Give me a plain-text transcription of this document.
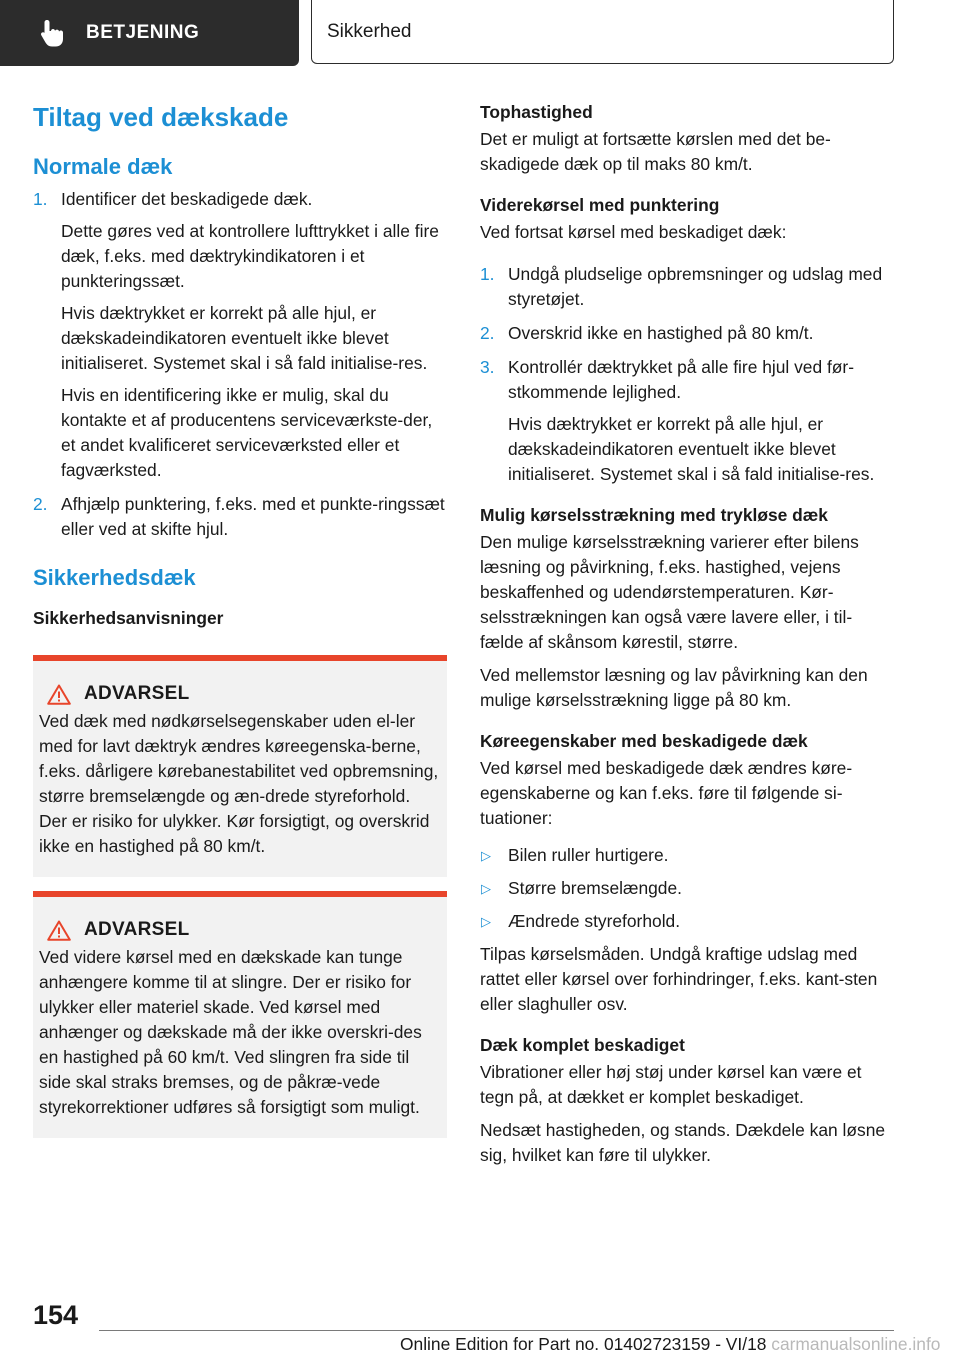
BETJENING	Sikkerhed
Tiltag ved dækskade
Normale dæk
1. Identificer det beskadigede dæk.

Dette gøres ved at kontrollere lufttrykket i alle fire dæk, f.eks. med dæktrykindikatoren i et punkteringssæt.

Hvis dæktrykket er korrekt på alle hjul, er dækskadeindikatoren eventuelt ikke blevet initialiseret. Systemet skal i så fald initialise-res.

Hvis en identificering ikke er mulig, skal du kontakte et af producentens serviceværkste-der, et andet kvalificeret serviceværksted eller et fagværksted.

2. Afhjælp punktering, f.eks. med et punkte-ringssæt eller ved at skifte hjul.

Sikkerhedsdæk
Sikkerhedsanvisninger
ADVARSEL

Ved dæk med nødkørselsegenskaber uden el-ler med for lavt dæktryk ændres køreegenska-berne, f.eks. dårligere kørebanestabilitet ved opbremsning, større bremselængde og æn-drede styreforhold. Der er risiko for ulykker. Kør forsigtigt, og overskrid ikke en hastighed på 80 km/t.

ADVARSEL

Ved videre kørsel med en dækskade kan tunge anhængere komme til at slingre. Der er risiko for ulykker eller materiel skade. Ved kørsel med anhænger og dækskade må der ikke overskri-des en hastighed på 60 km/t. Ved slingren fra side til side skal straks bremses, og de påkræ-vede styrekorrektioner udføres så forsigtigt som muligt.

Tophastighed

Det er muligt at fortsætte kørslen med det be-skadigede dæk op til maks 80 km/t.

Viderekørsel med punktering

Ved fortsat kørsel med beskadiget dæk:

1. Undgå pludselige opbremsninger og udslag med styretøjet.

2. Overskrid ikke en hastighed på 80 km/t.

3. Kontrollér dæktrykket på alle fire hjul ved før-stkommende lejlighed.

Hvis dæktrykket er korrekt på alle hjul, er dækskadeindikatoren eventuelt ikke blevet initialiseret. Systemet skal i så fald initialise-res.

Mulig kørselsstrækning med trykløse dæk

Den mulige kørselsstrækning varierer efter bilens læsning og påvirkning, f.eks. hastighed, vejens beskaffenhed og udendørstemperaturen. Kør-selsstrækningen kan også være lavere eller, i til-fælde af skånsom kørestil, større.

Ved mellemstor læsning og lav påvirkning kan den mulige kørselsstrækning ligge på 80 km.

Køreegenskaber med beskadigede dæk

Ved kørsel med beskadigede dæk ændres køre-egenskaberne og kan f.eks. føre til følgende si-tuationer:

▷ Bilen ruller hurtigere.

▷ Større bremselængde.

▷ Ændrede styreforhold.

Tilpas kørselsmåden. Undgå kraftige udslag med rattet eller kørsel over forhindringer, f.eks. kant-sten eller slaghuller osv.

Dæk komplet beskadiget

Vibrationer eller høj støj under kørsel kan være et tegn på, at dækket er komplet beskadiget.

Nedsæt hastigheden, og stands. Dækdele kan løsne sig, hvilket kan føre til ulykker.

154
Online Edition for Part no. 01402723159 - VI/18 carmanualsonline.info
